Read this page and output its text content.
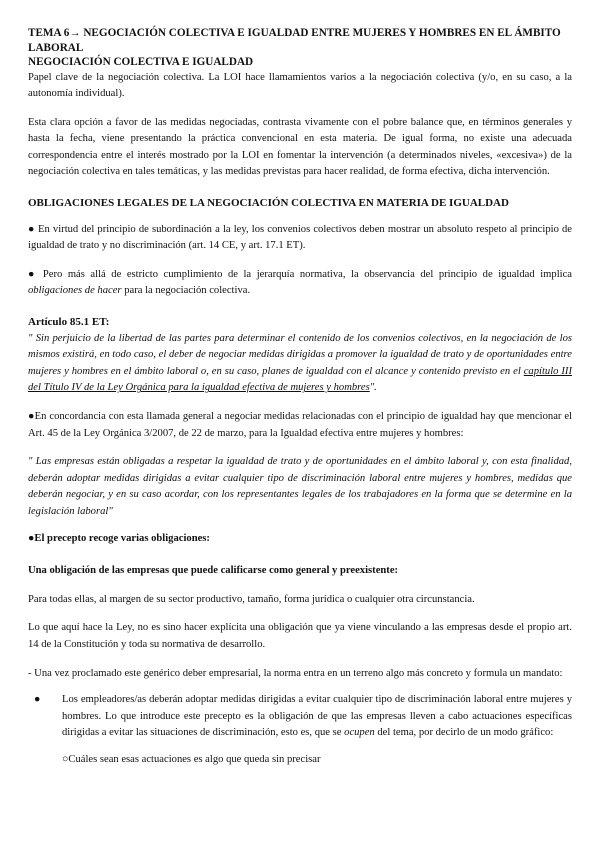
TEMA 6→ NEGOCIACIÓN COLECTIVA E IGUALDAD ENTRE MUJERES Y HOMBRES EN EL ÁMBITO LABORAL

NEGOCIACIÓN COLECTIVA E IGUALDAD

Papel clave de la negociación colectiva. La LOI hace llamamientos varios a la negociación colectiva (y/o, en su caso, a la autonomía individual).

Esta clara opción a favor de las medidas negociadas, contrasta vivamente con el pobre balance que, en términos generales y hasta la fecha, viene presentando la práctica convencional en esta materia. De igual forma, no existe una adecuada correspondencia entre el interés mostrado por la LOI en fomentar la intervención (a determinados niveles, «excesiva») de la negociación colectiva en tales temáticas, y las medidas previstas para hacer realidad, de forma efectiva, dicha intervención.

OBLIGACIONES LEGALES DE LA NEGOCIACIÓN COLECTIVA EN MATERIA DE IGUALDAD

● En virtud del principio de subordinación a la ley, los convenios colectivos deben mostrar un absoluto respeto al principio de igualdad de trato y no discriminación (art. 14 CE, y art. 17.1 ET).

● Pero más allá de estricto cumplimiento de la jerarquía normativa, la observancia del principio de igualdad implica obligaciones de hacer para la negociación colectiva.

Artículo 85.1 ET:

" Sin perjuicio de la libertad de las partes para determinar el contenido de los convenios colectivos, en la negociación de los mismos existirá, en todo caso, el deber de negociar medidas dirigidas a promover la igualdad de trato y de oportunidades entre mujeres y hombres en el ámbito laboral o, en su caso, planes de igualdad con el alcance y contenido previsto en el capítulo III del Título IV de la Ley Orgánica para la igualdad efectiva de mujeres y hombres".

●En concordancia con esta llamada general a negociar medidas relacionadas con el principio de igualdad hay que mencionar el Art. 45 de la Ley Orgánica 3/2007, de 22 de marzo, para la Igualdad efectiva entre mujeres y hombres:

" Las empresas están obligadas a respetar la igualdad de trato y de oportunidades en el ámbito laboral y, con esta finalidad, deberán adoptar medidas dirigidas a evitar cualquier tipo de discriminación laboral entre mujeres y hombres, medidas que deberán negociar, y en su caso acordar, con los representantes legales de los trabajadores en la forma que se determine en la legislación laboral"

●El precepto recoge varias obligaciones:

Una obligación de las empresas que puede calificarse como general y preexistente:

Para todas ellas, al margen de su sector productivo, tamaño, forma jurídica o cualquier otra circunstancia.

Lo que aquí hace la Ley, no es sino hacer explícita una obligación que ya viene vinculando a las empresas desde el propio art. 14 de la Constitución y toda su normativa de desarrollo.

- Una vez proclamado este genérico deber empresarial, la norma entra en un terreno algo más concreto y formula un mandato:

● Los empleadores/as deberán adoptar medidas dirigidas a evitar cualquier tipo de discriminación laboral entre mujeres y hombres. Lo que introduce este precepto es la obligación de que las empresas lleven a cabo actuaciones específicas dirigidas a evitar las situaciones de discriminación, esto es, que se ocupen del tema, por decirlo de un modo gráfico:

○Cuáles sean esas actuaciones es algo que queda sin precisar
